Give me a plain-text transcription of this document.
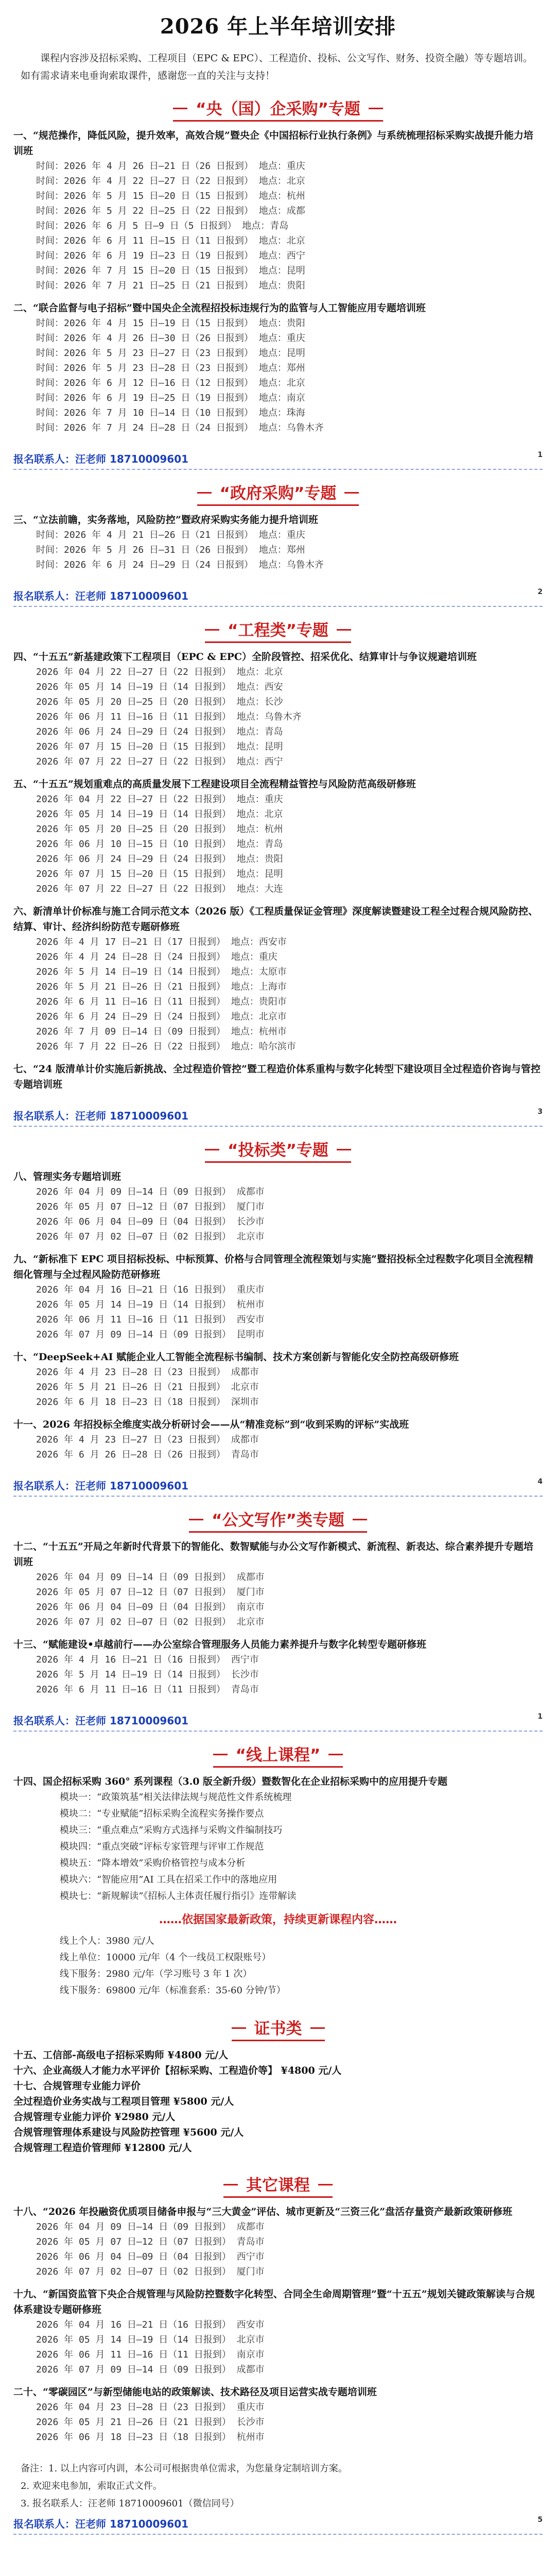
2026 年上半年培训安排

课程内容涉及招标采购、工程项目（EPC & EPC）、工程造价、投标、公文写作、财务、投资全融）等专题培训。如有需求请来电垂询索取课件，感谢您一直的关注与支持！

“央（国）企采购”专题
一、“规范操作，降低风险，提升效率，高效合规”暨央企《中国招标行业执行条例》与系统梳理招标采购实战提升能力培训班
时间：2026 年 4 月 26 日—21 日（26 日报到） 地点：重庆
时间：2026 年 4 月 22 日—27 日（22 日报到） 地点：北京
时间：2026 年 5 月 15 日—20 日（15 日报到） 地点：杭州
时间：2026 年 5 月 22 日—25 日（22 日报到） 地点：成都
时间：2026 年 6 月 5 日—9 日（5 日报到） 地点：青岛
时间：2026 年 6 月 11 日—15 日（11 日报到） 地点：北京
时间：2026 年 6 月 19 日—23 日（19 日报到） 地点：西宁
时间：2026 年 7 月 15 日—20 日（15 日报到） 地点：昆明
时间：2026 年 7 月 21 日—25 日（21 日报到） 地点：贵阳
二、“联合监督与电子招标”暨中国央企全流程招投标违规行为的监管与人工智能应用专题培训班
时间：2026 年 4 月 15 日—19 日（15 日报到） 地点：贵阳
时间：2026 年 4 月 26 日—30 日（26 日报到） 地点：重庆
时间：2026 年 5 月 23 日—27 日（23 日报到） 地点：昆明
时间：2026 年 5 月 23 日—28 日（23 日报到） 地点：郑州
时间：2026 年 6 月 12 日—16 日（12 日报到） 地点：北京
时间：2026 年 6 月 19 日—25 日（19 日报到） 地点：南京
时间：2026 年 7 月 10 日—14 日（10 日报到） 地点：珠海
时间：2026 年 7 月 24 日—28 日（24 日报到） 地点：乌鲁木齐
报名联系人：汪老师 18710009601	1
“政府采购”专题
三、“立法前瞻，实务落地，风险防控”暨政府采购实务能力提升培训班
时间：2026 年 4 月 21 日—26 日（21 日报到） 地点：重庆
时间：2026 年 5 月 26 日—31 日（26 日报到） 地点：郑州
时间：2026 年 6 月 24 日—29 日（24 日报到） 地点：乌鲁木齐
报名联系人：汪老师 18710009601	2
“工程类”专题
四、“十五五”新基建政策下工程项目（EPC & EPC）全阶段管控、招采优化、结算审计与争议规避培训班
2026 年 04 月 22 日—27 日（22 日报到） 地点：北京
2026 年 05 月 14 日—19 日（14 日报到） 地点：西安
2026 年 05 月 20 日—25 日（20 日报到） 地点：长沙
2026 年 06 月 11 日—16 日（11 日报到） 地点：乌鲁木齐
2026 年 06 月 24 日—29 日（24 日报到） 地点：青岛
2026 年 07 月 15 日—20 日（15 日报到） 地点：昆明
2026 年 07 月 22 日—27 日（22 日报到） 地点：西宁
五、“十五五”规划重难点的高质量发展下工程建设项目全流程精益管控与风险防范高级研修班
2026 年 04 月 22 日—27 日（22 日报到） 地点：重庆
2026 年 05 月 14 日—19 日（14 日报到） 地点：北京
2026 年 05 月 20 日—25 日（20 日报到） 地点：杭州
2026 年 06 月 10 日—15 日（10 日报到） 地点：青岛
2026 年 06 月 24 日—29 日（24 日报到） 地点：贵阳
2026 年 07 月 15 日—20 日（15 日报到） 地点：昆明
2026 年 07 月 22 日—27 日（22 日报到） 地点：大连
六、新清单计价标准与施工合同示范文本（2026 版）《工程质量保证金管理》深度解读暨建设工程全过程合规风险防控、结算、审计、经济纠纷防范专题研修班
2026 年 4 月 17 日—21 日（17 日报到） 地点：西安市
2026 年 4 月 24 日—28 日（24 日报到） 地点：重庆
2026 年 5 月 14 日—19 日（14 日报到） 地点：太原市
2026 年 5 月 21 日—26 日（21 日报到） 地点：上海市
2026 年 6 月 11 日—16 日（11 日报到） 地点：贵阳市
2026 年 6 月 24 日—29 日（24 日报到） 地点：北京市
2026 年 7 月 09 日—14 日（09 日报到） 地点：杭州市
2026 年 7 月 22 日—26 日（22 日报到） 地点：哈尔滨市
七、“24 版清单计价实施后新挑战、全过程造价管控”暨工程造价体系重构与数字化转型下建设项目全过程造价咨询与管控专题培训班
报名联系人：汪老师 18710009601	3
“投标类”专题
八、管理实务专题培训班
2026 年 04 月 09 日—14 日（09 日报到） 成都市
2026 年 05 月 07 日—12 日（07 日报到） 厦门市
2026 年 06 月 04 日—09 日（04 日报到） 长沙市
2026 年 07 月 02 日—07 日（02 日报到） 北京市
九、“新标准下 EPC 项目招标投标、中标预算、价格与合同管理全流程策划与实施”暨招投标全过程数字化项目全流程精细化管理与全过程风险防范研修班
2026 年 04 月 16 日—21 日（16 日报到） 重庆市
2026 年 05 月 14 日—19 日（14 日报到） 杭州市
2026 年 06 月 11 日—16 日（11 日报到） 西安市
2026 年 07 月 09 日—14 日（09 日报到） 昆明市
十、“DeepSeek+AI 赋能企业人工智能全流程标书编制、技术方案创新与智能化安全防控高级研修班
2026 年 4 月 23 日—28 日（23 日报到） 成都市
2026 年 5 月 21 日—26 日（21 日报到） 北京市
2026 年 6 月 18 日—23 日（18 日报到） 深圳市
十一、2026 年招投标全维度实战分析研讨会——从“精准竞标”到“收到采购的评标”实战班
2026 年 4 月 23 日—27 日（23 日报到） 成都市
2026 年 6 月 26 日—28 日（26 日报到） 青岛市
报名联系人：汪老师 18710009601	4
“公文写作”类专题
十二、“十五五”开局之年新时代背景下的智能化、数智赋能与办公文写作新模式、新流程、新表达、综合素养提升专题培训班
2026 年 04 月 09 日—14 日（09 日报到） 成都市
2026 年 05 月 07 日—12 日（07 日报到） 厦门市
2026 年 06 月 04 日—09 日（04 日报到） 南京市
2026 年 07 月 02 日—07 日（02 日报到） 北京市
十三、“赋能建设•卓越前行——办公室综合管理服务人员能力素养提升与数字化转型专题研修班
2026 年 4 月 16 日—21 日（16 日报到） 西宁市
2026 年 5 月 14 日—19 日（14 日报到） 长沙市
2026 年 6 月 11 日—16 日（11 日报到） 青岛市
报名联系人：汪老师 18710009601	1
“线上课程”
十四、国企招标采购 360° 系列课程（3.0 版全新升级）暨数智化在企业招标采购中的应用提升专题
模块一：“政策筑基”相关法律法规与规范性文件系统梳理
模块二：“专业赋能”招标采购全流程实务操作要点
模块三：“重点难点”采购方式选择与采购文件编制技巧
模块四：“重点突破”评标专家管理与评审工作规范
模块五：“降本增效”采购价格管控与成本分析
模块六：“智能应用”AI 工具在招采工作中的落地应用
模块七：“新规解读”《招标人主体责任履行指引》连带解读
……依据国家最新政策，持续更新课程内容……
线上个人：3980 元/人
线上单位：10000 元/年（4 个一线员工权限账号）
线下服务：2980 元/年（学习账号 3 年 1 次）
线下服务：69800 元/年（标准套系：35-60 分钟/节）
证书类
十五、工信部-高级电子招标采购师 ¥4800 元/人
十六、企业高级人才能力水平评价【招标采购、工程造价等】 ¥4800 元/人
十七、合规管理专业能力评价
全过程造价业务实战与工程项目管理 ¥5800 元/人
合规管理专业能力评价 ¥2980 元/人
合规管理管理体系建设与风险防控管理 ¥5600 元/人
合规管理工程造价管理师 ¥12800 元/人
其它课程
十八、“2026 年投融资优质项目储备申报与“三大黄金”评估、城市更新及“三资三化”盘活存量资产最新政策研修班
2026 年 04 月 09 日—14 日（09 日报到） 成都市
2026 年 05 月 07 日—12 日（07 日报到） 青岛市
2026 年 06 月 04 日—09 日（04 日报到） 西宁市
2026 年 07 月 02 日—07 日（02 日报到） 厦门市
十九、“新国资监管下央企合规管理与风险防控暨数字化转型、合同全生命周期管理”暨“十五五”规划关键政策解读与合规体系建设专题研修班
2026 年 04 月 16 日—21 日（16 日报到） 西安市
2026 年 05 月 14 日—19 日（14 日报到） 北京市
2026 年 06 月 11 日—16 日（11 日报到） 南京市
2026 年 07 月 09 日—14 日（09 日报到） 成都市
二十、“零碳园区”与新型储能电站的政策解读、技术路径及项目运营实战专题培训班
2026 年 04 月 23 日—28 日（23 日报到） 重庆市
2026 年 05 月 21 日—26 日（21 日报到） 长沙市
2026 年 06 月 18 日—23 日（18 日报到） 杭州市
备注：1. 以上内容可内训，本公司可根据贵单位需求，为您量身定制培训方案。
2. 欢迎来电参加，索取正式文件。
3. 报名联系人：汪老师 18710009601（微信同号）
报名联系人：汪老师 18710009601	5
